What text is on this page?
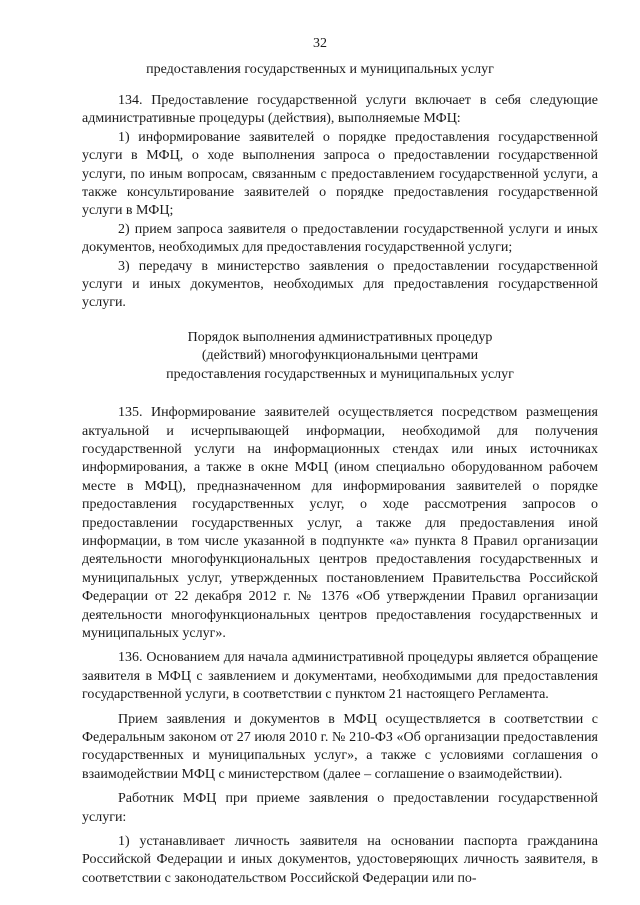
32
предоставления государственных и муниципальных услуг

134. Предоставление государственной услуги включает в себя следующие административные процедуры (действия), выполняемые МФЦ:

1) информирование заявителей о порядке предоставления государственной услуги в МФЦ, о ходе выполнения запроса о предоставлении государственной услуги, по иным вопросам, связанным с предоставлением государственной услуги, а также консультирование заявителей о порядке предоставления государственной услуги в МФЦ;

2) прием запроса заявителя о предоставлении государственной услуги и иных документов, необходимых для предоставления государственной услуги;

3) передачу в министерство заявления о предоставлении государственной услуги и иных документов, необходимых для предоставления государственной услуги.

Порядок выполнения административных процедур
(действий) многофункциональными центрами
предоставления государственных и муниципальных услуг

135. Информирование заявителей осуществляется посредством размещения актуальной и исчерпывающей информации, необходимой для получения государственной услуги на информационных стендах или иных источниках информирования, а также в окне МФЦ (ином специально оборудованном рабочем месте в МФЦ), предназначенном для информирования заявителей о порядке предоставления государственных услуг, о ходе рассмотрения запросов о предоставлении государственных услуг, а также для предоставления иной информации, в том числе указанной в подпункте «а» пункта 8 Правил организации деятельности многофункциональных центров предоставления государственных и муниципальных услуг, утвержденных постановлением Правительства Российской Федерации от 22 декабря 2012 г. № 1376 «Об утверждении Правил организации деятельности многофункциональных центров предоставления государственных и муниципальных услуг».

136. Основанием для начала административной процедуры является обращение заявителя в МФЦ с заявлением и документами, необходимыми для предоставления государственной услуги, в соответствии с пунктом 21 настоящего Регламента.

Прием заявления и документов в МФЦ осуществляется в соответствии с Федеральным законом от 27 июля 2010 г. № 210-ФЗ «Об организации предоставления государственных и муниципальных услуг», а также с условиями соглашения о взаимодействии МФЦ с министерством (далее – соглашение о взаимодействии).

Работник МФЦ при приеме заявления о предоставлении государственной услуги:

1) устанавливает личность заявителя на основании паспорта гражданина Российской Федерации и иных документов, удостоверяющих личность заявителя, в соответствии с законодательством Российской Федерации или по-
